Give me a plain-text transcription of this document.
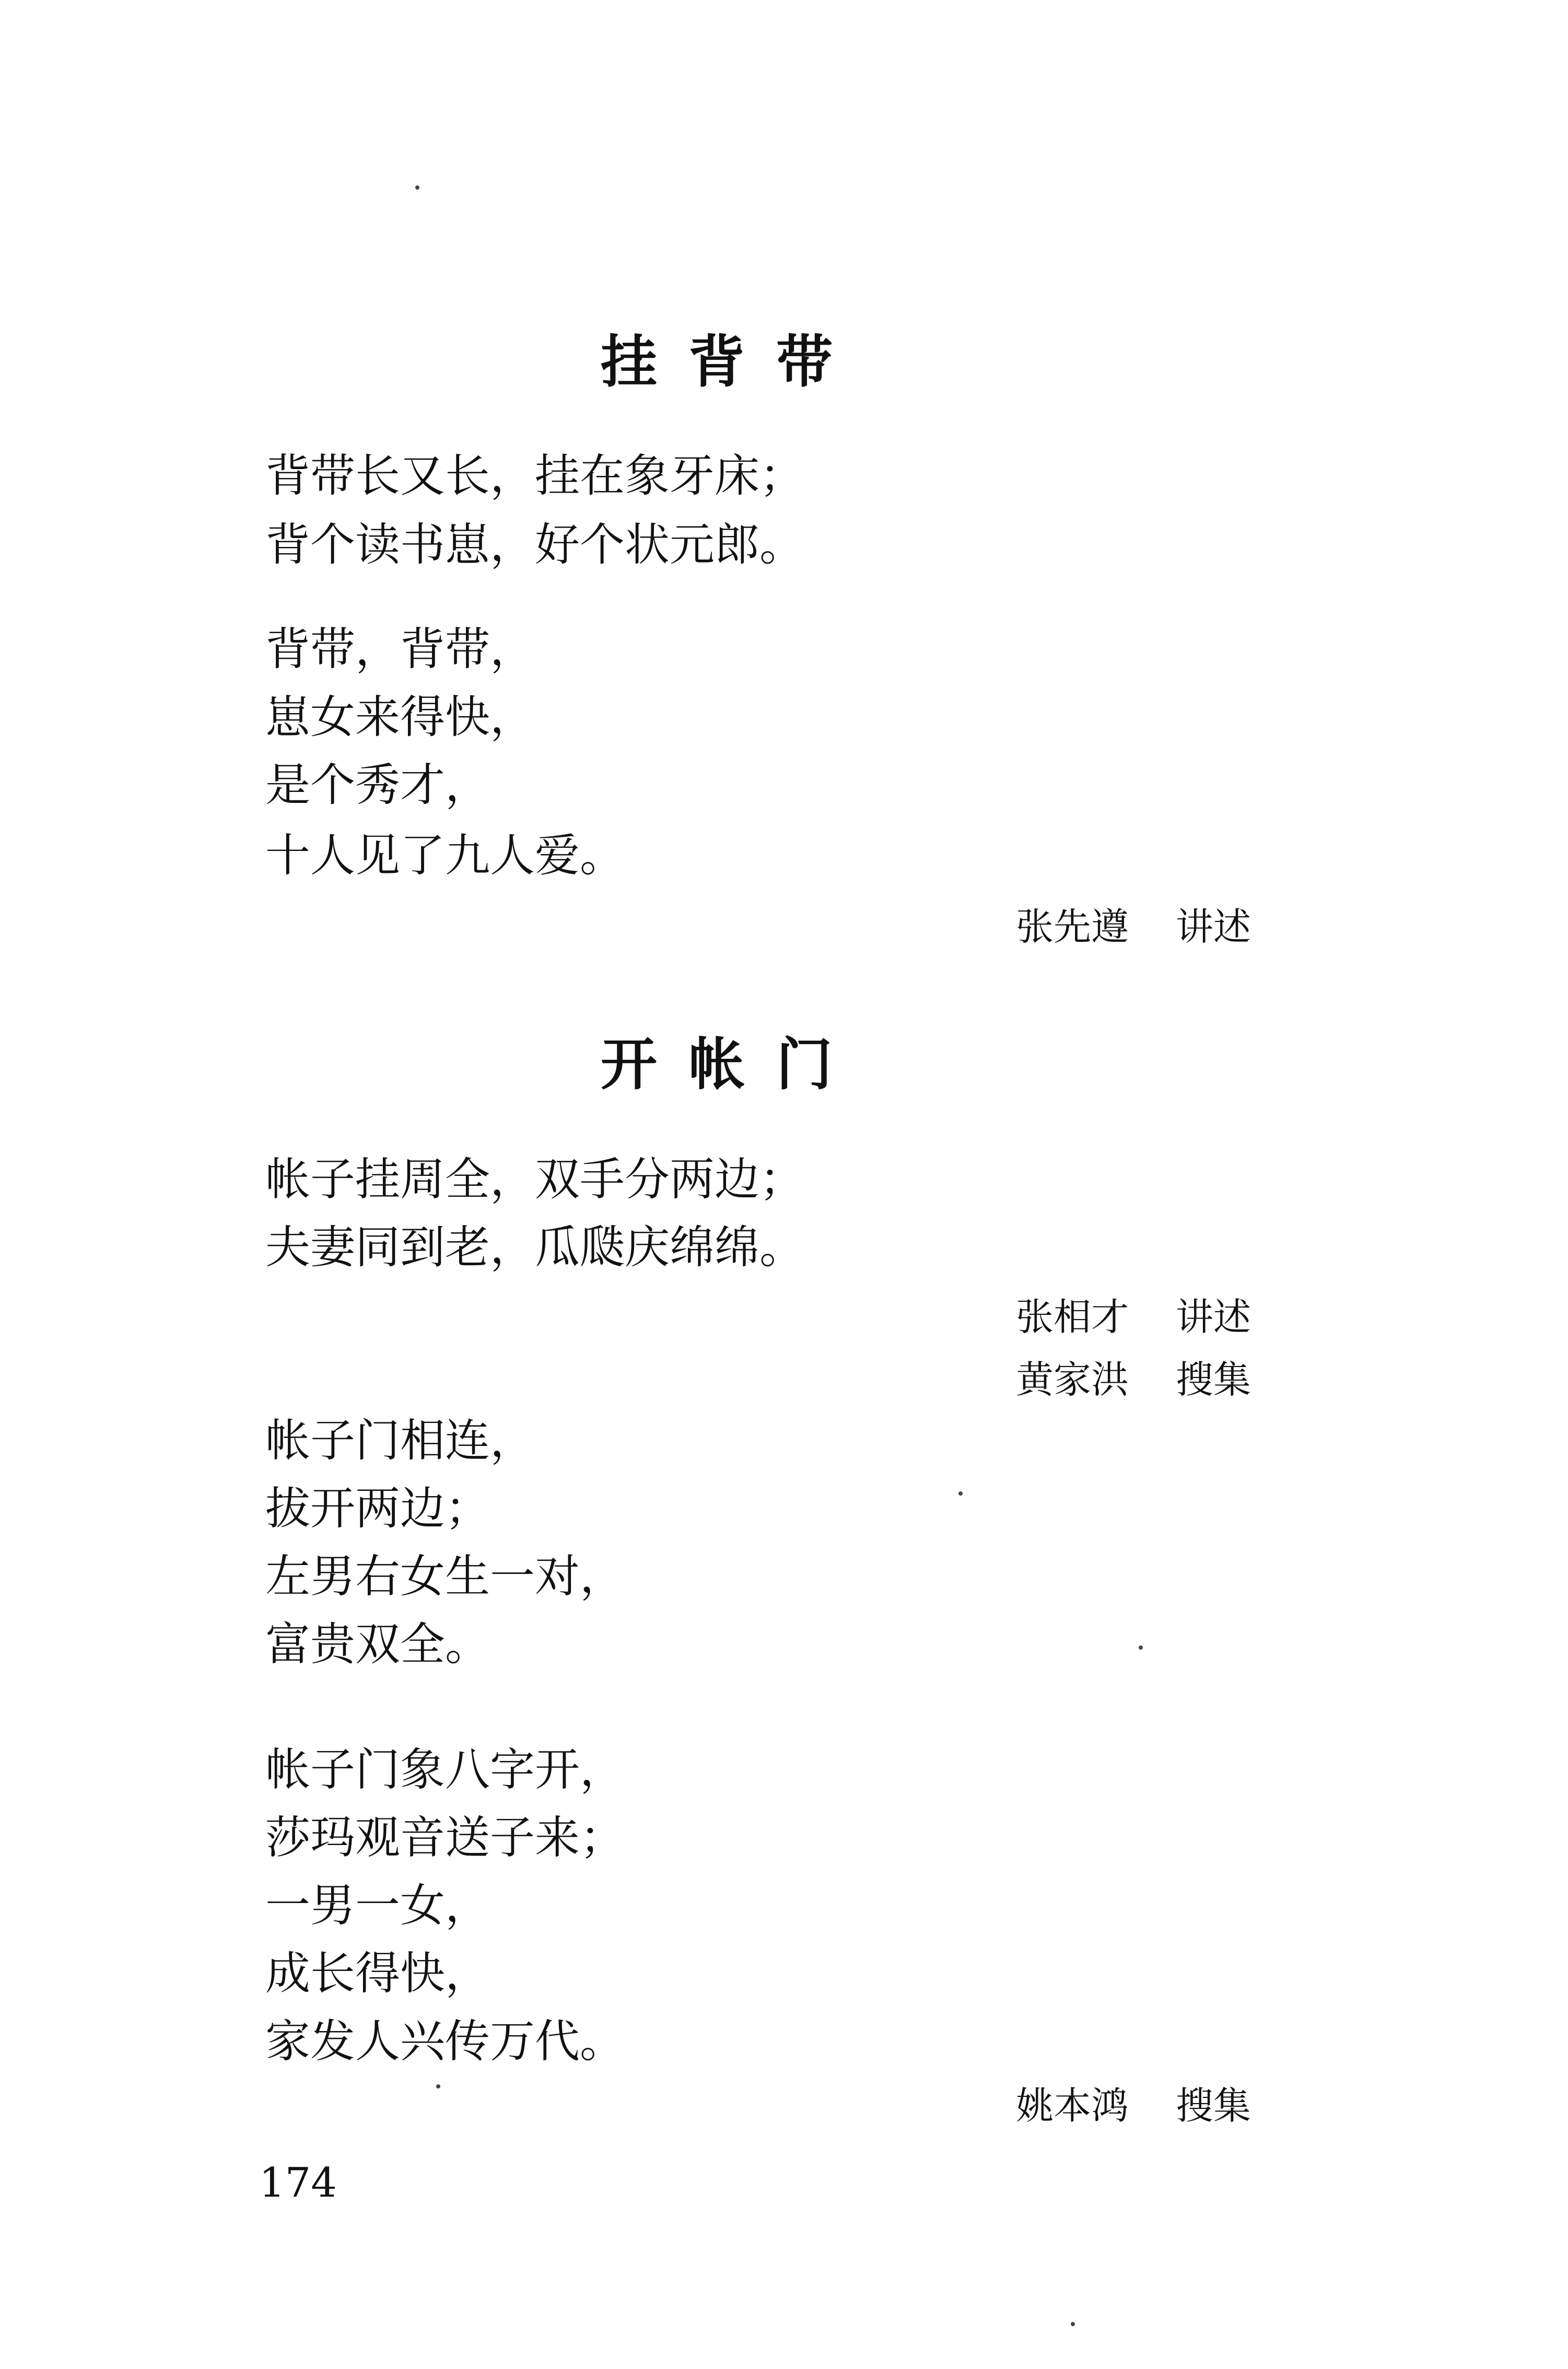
挂背带
背带长又长，挂在象牙床；
背个读书崽，好个状元郎。
背带，背带，
崽女来得快，
是个秀才，
十人见了九人爱。
张先遵 讲述
开帐门
帐子挂周全，双手分两边；
夫妻同到老，瓜瓞庆绵绵。
张相才 讲述
黄家洪 搜集
帐子门相连，
拔开两边；
左男右女生一对，
富贵双全。
帐子门象八字开，
莎玛观音送子来；
一男一女，
成长得快，
家发人兴传万代。
姚本鸿 搜集
174
